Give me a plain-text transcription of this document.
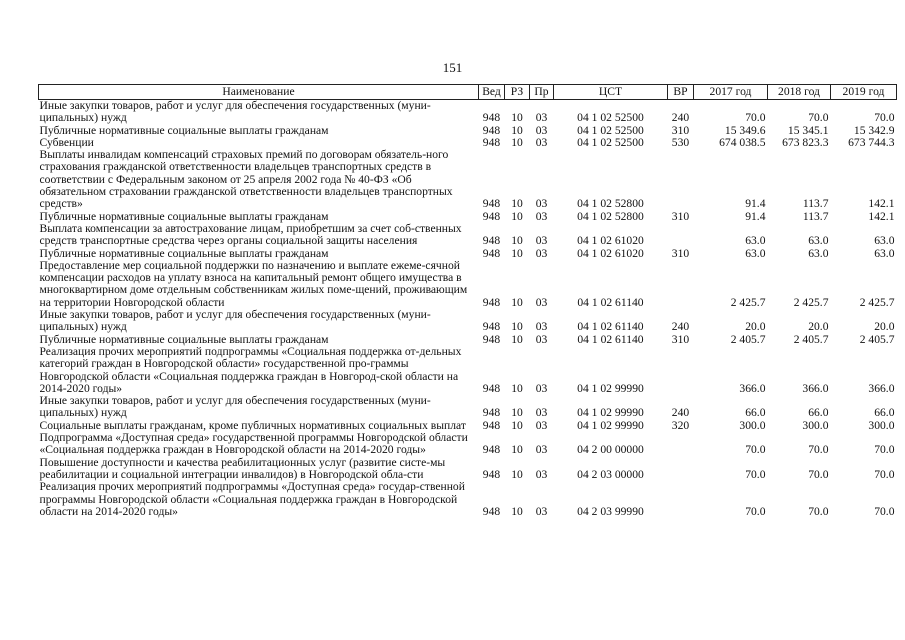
151
Наименование	Вед	РЗ	Пр	ЦСТ	ВР	2017 год	2018 год	2019 год
Иные закупки товаров, работ и услуг для обеспечения государственных (муни-ципальных) нужд	948	10	03	04 1 02 52500	240	70.0	70.0	70.0
Публичные нормативные социальные выплаты гражданам	948	10	03	04 1 02 52500	310	15 349.6	15 345.1	15 342.9
Субвенции	948	10	03	04 1 02 52500	530	674 038.5	673 823.3	673 744.3
Выплаты инвалидам компенсаций страховых премий по договорам обязатель-ного страхования гражданской ответственности владельцев транспортных средств в соответствии с Федеральным законом от 25 апреля 2002 года № 40-ФЗ «Об обязательном страховании гражданской ответственности владельцев транспортных средств»	948	10	03	04 1 02 52800		91.4	113.7	142.1
Публичные нормативные социальные выплаты гражданам	948	10	03	04 1 02 52800	310	91.4	113.7	142.1
Выплата компенсации за автострахование лицам, приобретшим за счет соб-ственных средств транспортные средства через органы социальной защиты населения	948	10	03	04 1 02 61020		63.0	63.0	63.0
Публичные нормативные социальные выплаты гражданам	948	10	03	04 1 02 61020	310	63.0	63.0	63.0
Предоставление мер социальной поддержки по назначению и выплате ежеме-сячной компенсации расходов на уплату взноса на капитальный ремонт общего имущества в многоквартирном доме отдельным собственникам жилых поме-щений, проживающим на территории Новгородской области	948	10	03	04 1 02 61140		2 425.7	2 425.7	2 425.7
Иные закупки товаров, работ и услуг для обеспечения государственных (муни-ципальных) нужд	948	10	03	04 1 02 61140	240	20.0	20.0	20.0
Публичные нормативные социальные выплаты гражданам	948	10	03	04 1 02 61140	310	2 405.7	2 405.7	2 405.7
Реализация прочих мероприятий подпрограммы «Социальная поддержка от-дельных категорий граждан в Новгородской области» государственной про-граммы Новгородской области «Социальная поддержка граждан в Новгород-ской области на 2014-2020 годы»	948	10	03	04 1 02 99990		366.0	366.0	366.0
Иные закупки товаров, работ и услуг для обеспечения государственных (муни-ципальных) нужд	948	10	03	04 1 02 99990	240	66.0	66.0	66.0
Социальные выплаты гражданам, кроме публичных нормативных социальных выплат	948	10	03	04 1 02 99990	320	300.0	300.0	300.0
Подпрограмма «Доступная среда» государственной программы Новгородской области «Социальная поддержка граждан в Новгородской области на 2014-2020 годы»	948	10	03	04 2 00 00000		70.0	70.0	70.0
Повышение доступности и качества реабилитационных услуг (развитие систе-мы реабилитации и социальной интеграции инвалидов) в Новгородской обла-сти	948	10	03	04 2 03 00000		70.0	70.0	70.0
Реализация прочих мероприятий подпрограммы «Доступная среда» государ-ственной программы Новгородской области «Социальная поддержка граждан в Новгородской области на 2014-2020 годы»	948	10	03	04 2 03 99990		70.0	70.0	70.0
